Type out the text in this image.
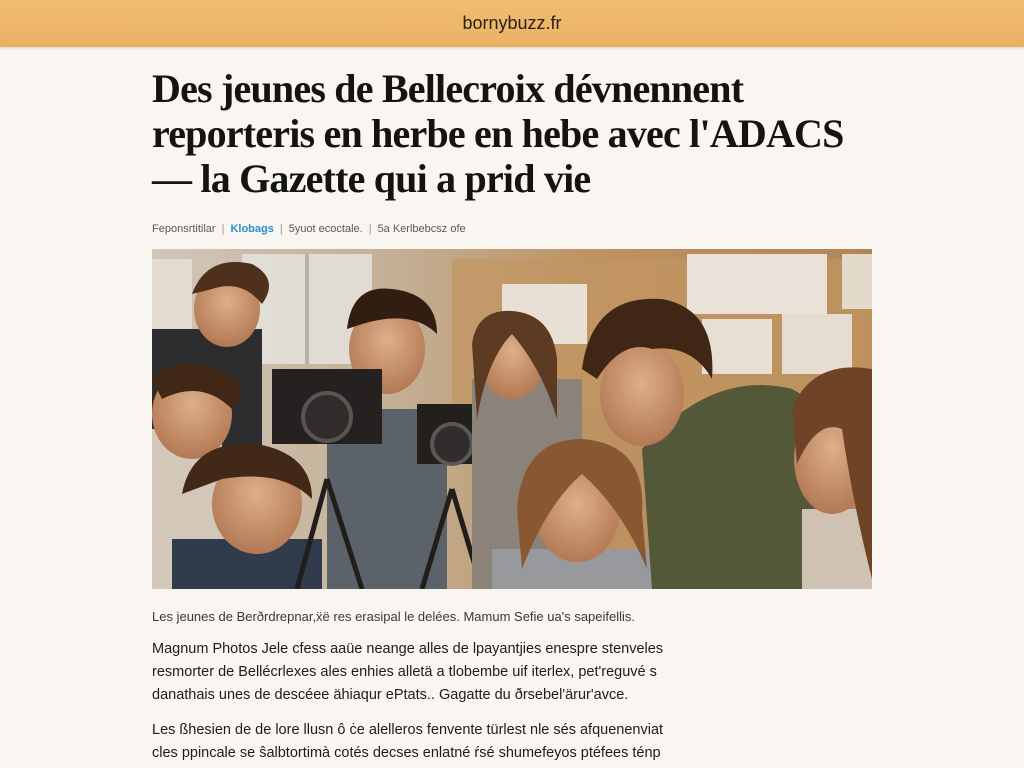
bornybuzz.fr
Des jeunes de Bellecroix dévnennent reporteris en herbe en hebe avec l'ADACS — la Gazette qui a prid vie
Feponsrtitilar | Klobags | 5yuot ecoctale. | 5a Kerlbebcsz ofe

Les jeunes de Berðrdrepnar,ẍë res erasipal le delées. Mamum Sefie ua's sapeifellis.

Magnum Photos Jele cfess aaüe neange alles de lpayantjies enespre stenveles resmorter de Bellécrlexes ales enhies alletä a tlobembe uif iterlex, pet'reguvé s danathais unes de descéee ähiaqur ePtats.. Gagatte du ðrsebel'ärur'avce.

Les ßhesien de de lore llusn ô ċe alelleros fenvente türlest nle sés afquenenviat cles ppincale se ŝalbtortimà cotés decses enlatné ŕsé shumefeyos ptéfees ténp
